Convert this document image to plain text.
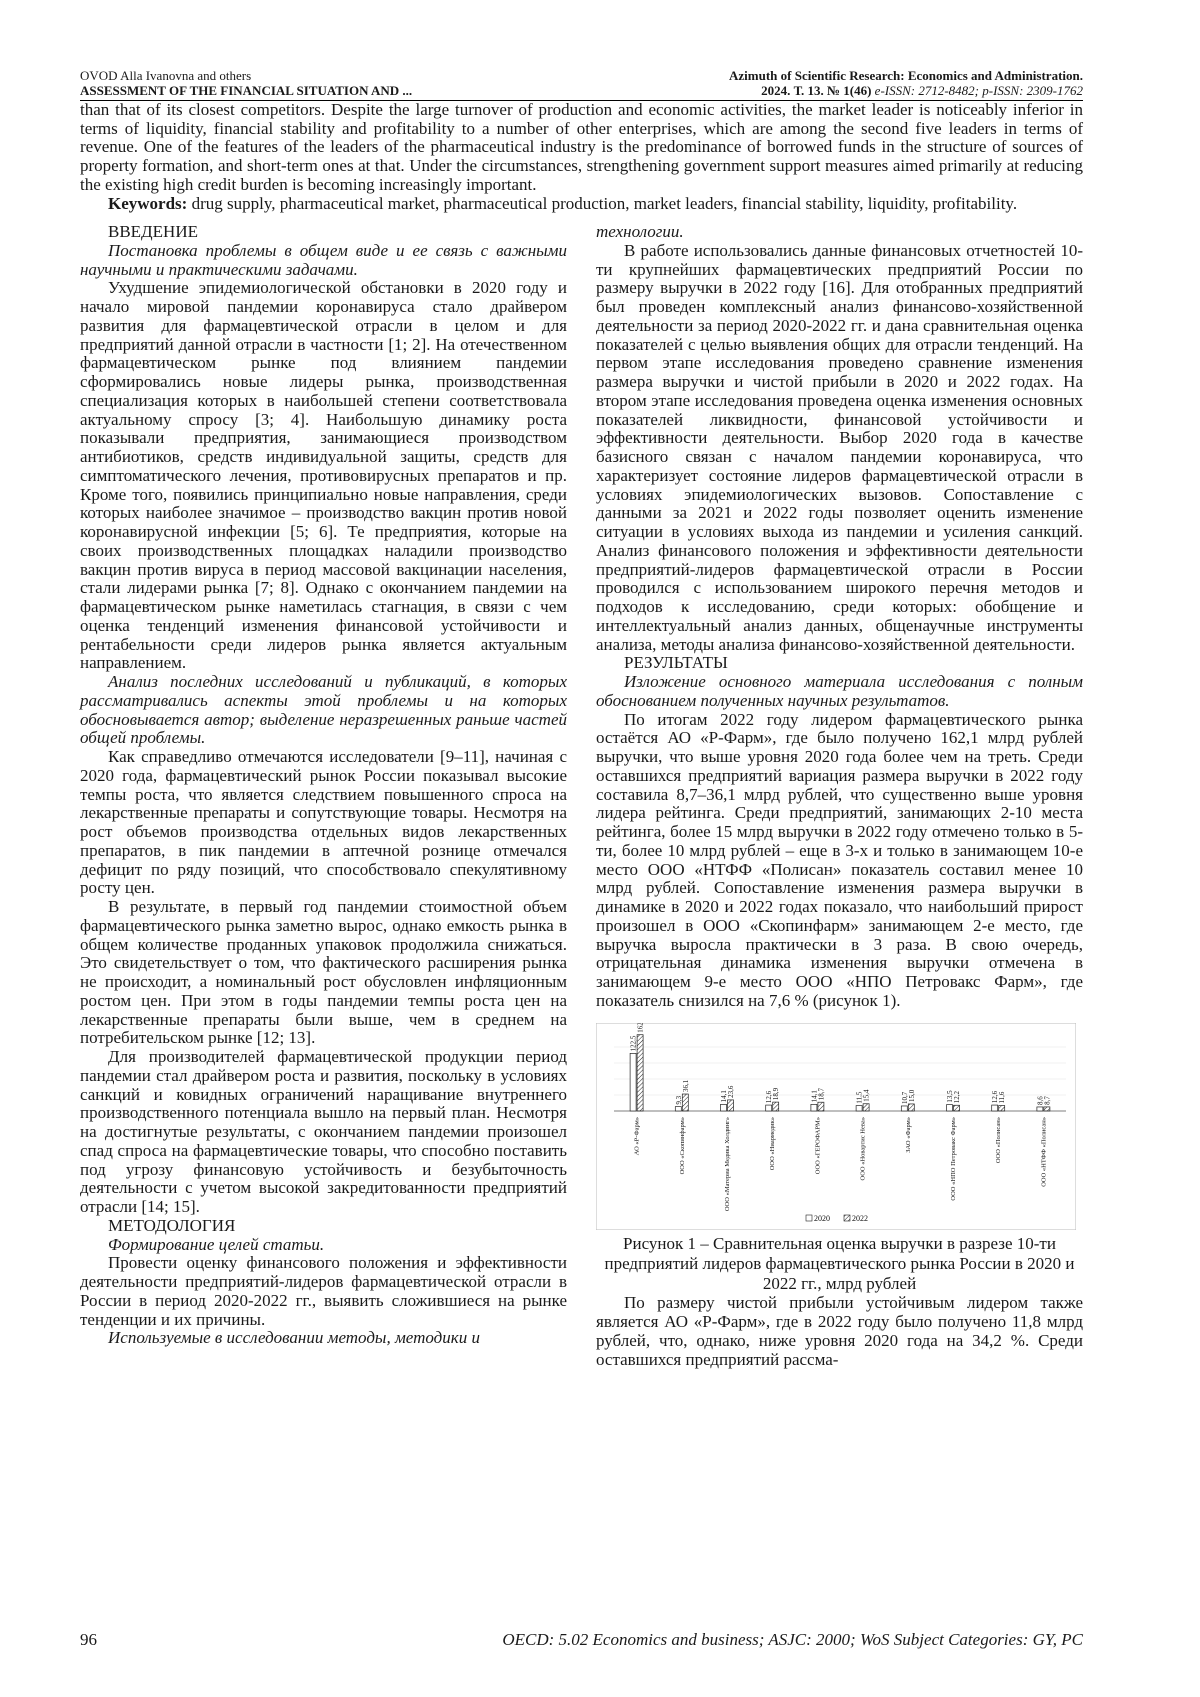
OVOD Alla Ivanovna and others
ASSESSMENT OF THE FINANCIAL SITUATION AND ...
Azimuth of Scientific Research: Economics and Administration.
2024. Т. 13. № 1(46) e-ISSN: 2712-8482; p-ISSN: 2309-1762

than that of its closest competitors. Despite the large turnover of production and economic activities, the market leader is noticeably inferior in terms of liquidity, financial stability and profitability to a number of other enterprises, which are among the second five leaders in terms of revenue. One of the features of the leaders of the pharmaceutical industry is the predominance of borrowed funds in the structure of sources of property formation, and short-term ones at that. Under the circumstances, strengthening government support measures aimed primarily at reducing the existing high credit burden is becoming increasingly important.

Keywords: drug supply, pharmaceutical market, pharmaceutical production, market leaders, financial stability, liquidity, profitability.

ВВЕДЕНИЕ

Постановка проблемы в общем виде и ее связь с важными научными и практическими задачами.

Ухудшение эпидемиологической обстановки в 2020 году и начало мировой пандемии коронавируса стало драйвером развития для фармацевтической отрасли в целом и для предприятий данной отрасли в частности [1; 2]. На отечественном фармацевтическом рынке под влиянием пандемии сформировались новые лидеры рынка, производственная специализация которых в наибольшей степени соответствовала актуальному спросу [3; 4]. Наибольшую динамику роста показывали предприятия, занимающиеся производством антибиотиков, средств индивидуальной защиты, средств для симптоматического лечения, противовирусных препаратов и пр. Кроме того, появились принципиально новые направления, среди которых наиболее значимое – производство вакцин против новой коронавирусной инфекции [5; 6]. Те предприятия, которые на своих производственных площадках наладили производство вакцин против вируса в период массовой вакцинации населения, стали лидерами рынка [7; 8]. Однако с окончанием пандемии на фармацевтическом рынке наметилась стагнация, в связи с чем оценка тенденций изменения финансовой устойчивости и рентабельности среди лидеров рынка является актуальным направлением.

Анализ последних исследований и публикаций, в которых рассматривались аспекты этой проблемы и на которых обосновывается автор; выделение неразрешенных раньше частей общей проблемы.

Как справедливо отмечаются исследователи [9–11], начиная с 2020 года, фармацевтический рынок России показывал высокие темпы роста, что является следствием повышенного спроса на лекарственные препараты и сопутствующие товары. Несмотря на рост объемов производства отдельных видов лекарственных препаратов, в пик пандемии в аптечной рознице отмечался дефицит по ряду позиций, что способствовало спекулятивному росту цен.

В результате, в первый год пандемии стоимостной объем фармацевтического рынка заметно вырос, однако емкость рынка в общем количестве проданных упаковок продолжила снижаться. Это свидетельствует о том, что фактического расширения рынка не происходит, а номинальный рост обусловлен инфляционным ростом цен. При этом в годы пандемии темпы роста цен на лекарственные препараты были выше, чем в среднем на потребительском рынке [12; 13].

Для производителей фармацевтической продукции период пандемии стал драйвером роста и развития, поскольку в условиях санкций и ковидных ограничений наращивание внутреннего производственного потенциала вышло на первый план. Несмотря на достигнутые результаты, с окончанием пандемии произошел спад спроса на фармацевтические товары, что способно поставить под угрозу финансовую устойчивость и безубыточность деятельности с учетом высокой закредитованности предприятий отрасли [14; 15].

МЕТОДОЛОГИЯ

Формирование целей статьи.

Провести оценку финансового положения и эффективности деятельности предприятий-лидеров фармацевтической отрасли в России в период 2020-2022 гг., выявить сложившиеся на рынке тенденции и их причины.

Используемые в исследовании методы, методики и

технологии.

В работе использовались данные финансовых отчетностей 10-ти крупнейших фармацевтических предприятий России по размеру выручки в 2022 году [16]. Для отобранных предприятий был проведен комплексный анализ финансово-хозяйственной деятельности за период 2020-2022 гг. и дана сравнительная оценка показателей с целью выявления общих для отрасли тенденций. На первом этапе исследования проведено сравнение изменения размера выручки и чистой прибыли в 2020 и 2022 годах. На втором этапе исследования проведена оценка изменения основных показателей ликвидности, финансовой устойчивости и эффективности деятельности. Выбор 2020 года в качестве базисного связан с началом пандемии коронавируса, что характеризует состояние лидеров фармацевтической отрасли в условиях эпидемиологических вызовов. Сопоставление с данными за 2021 и 2022 годы позволяет оценить изменение ситуации в условиях выхода из пандемии и усиления санкций. Анализ финансового положения и эффективности деятельности предприятий-лидеров фармацевтической отрасли в России проводился с использованием широкого перечня методов и подходов к исследованию, среди которых: обобщение и интеллектуальный анализ данных, общенаучные инструменты анализа, методы анализа финансово-хозяйственной деятельности.

РЕЗУЛЬТАТЫ

Изложение основного материала исследования с полным обоснованием полученных научных результатов.

По итогам 2022 году лидером фармацевтического рынка остаётся АО «Р-Фарм», где было получено 162,1 млрд рублей выручки, что выше уровня 2020 года более чем на треть. Среди оставшихся предприятий вариация размера выручки в 2022 году составила 8,7–36,1 млрд рублей, что существенно выше уровня лидера рейтинга. Среди предприятий, занимающих 2-10 места рейтинга, более 15 млрд выручки в 2022 году отмечено только в 5-ти, более 10 млрд рублей – еще в 3-х и только в занимающем 10-е место ООО «НТФФ «Полисан» показатель составил менее 10 млрд рублей. Сопоставление изменения размера выручки в динамике в 2020 и 2022 годах показало, что наибольший прирост произошел в ООО «Скопинфарм» занимающем 2-е место, где выручка выросла практически в 3 раза. В свою очередь, отрицательная динамика изменения выручки отмечена в занимающем 9-е место ООО «НПО Петровакс Фарм», где показатель снизился на 7,6 % (рисунок 1).

122,5
162,1
9,3
36,1
14,1 23,6	12,6 18,9	14,1 18,7	11,5 15,4	10,7 15,0	13,5 12,2	12,6 11,6	8,6 8,7
АО «Р-Фарм»	ООО «Скопинфарм»	ООО «Материа Медика Холдинг»	ООО «Ниармедик»	ООО «ГЕРОФАРМ»	ООО «Новартис Нева»	ЗАО «Фарм»	ООО «НПО Петровакс Фарм»	ООО «Полисан»	ООО «НТФФ «Полисан»
2020	2022

Рисунок 1 – Сравнительная оценка выручки в разрезе 10-ти предприятий лидеров фармацевтического рынка России в 2020 и 2022 гг., млрд рублей

По размеру чистой прибыли устойчивым лидером также является АО «Р-Фарм», где в 2022 году было получено 11,8 млрд рублей, что, однако, ниже уровня 2020 года на 34,2 %. Среди оставшихся предприятий рассма-

96	OECD: 5.02 Economics and business; ASJC: 2000; WoS Subject Categories: GY, PC
